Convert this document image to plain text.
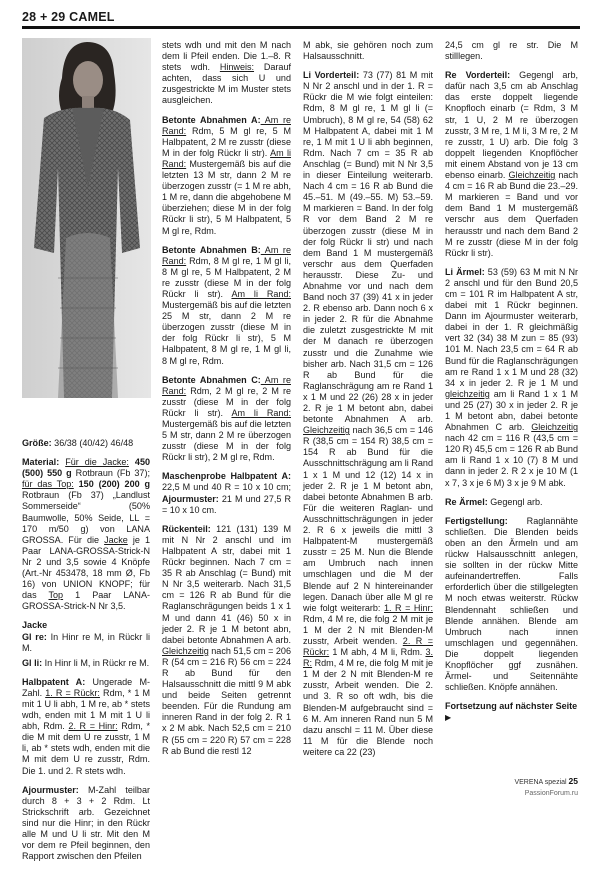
28 + 29 CAMEL

Größe: 36/38 (40/42) 46/48

Material: Für die Jacke: 450 (500) 550 g Rotbraun (Fb 37); für das Top: 150 (200) 200 g Rotbraun (Fb 37) „Landlust Sommerseide“ (50% Baumwolle, 50% Seide, LL = 170 m/50 g) von LANA GROSSA. Für die Jacke je 1 Paar LANA-GROSSA-Strick-N Nr 2 und 3,5 sowie 4 Knöpfe (Art.-Nr 453478, 18 mm Ø, Fb 16) von UNION KNOPF; für das Top 1 Paar LANA-GROSSA-Strick-N Nr 3,5.

Jacke
Gl re: In Hinr re M, in Rückr li M.

Gl li: In Hinr li M, in Rückr re M.

Halbpatent A: Ungerade M-Zahl. 1. R = Rückr: Rdm, * 1 M mit 1 U li abh, 1 M re, ab * stets wdh, enden mit 1 M mit 1 U li abh, Rdm. 2. R = Hinr: Rdm, * die M mit dem U re zusstr, 1 M li, ab * stets wdh, enden mit die M mit dem U re zusstr, Rdm. Die 1. und 2. R stets wdh.

Ajourmuster: M-Zahl teilbar durch 8 + 3 + 2 Rdm. Lt Strickschrift arb. Gezeichnet sind nur die Hinr; in den Rückr alle M und U li str. Mit den M vor dem re Pfeil beginnen, den Rapport zwischen den Pfeilen

stets wdh und mit den M nach dem li Pfeil enden. Die 1.–8. R stets wdh. Hinweis: Darauf achten, dass sich U und zusgestrickte M im Muster stets ausgleichen.

Betonte Abnahmen A: Am re Rand: Rdm, 5 M gl re, 5 M Halbpatent, 2 M re zusstr (diese M in der folg Rückr li str). Am li Rand: Mustergemäß bis auf die letzten 13 M str, dann 2 M re überzogen zusstr (= 1 M re abh, 1 M re, dann die abgehobene M überziehen; diese M in der folg Rückr li str), 5 M Halbpatent, 5 M gl re, Rdm.

Betonte Abnahmen B: Am re Rand: Rdm, 8 M gl re, 1 M gl li, 8 M gl re, 5 M Halbpatent, 2 M re zusstr (diese M in der folg Rückr li str). Am li Rand: Mustergemäß bis auf die letzten 25 M str, dann 2 M re überzogen zusstr (diese M in der folg Rückr li str), 5 M Halbpatent, 8 M gl re, 1 M gl li, 8 M gl re, Rdm.

Betonte Abnahmen C: Am re Rand: Rdm, 2 M gl re, 2 M re zusstr (diese M in der folg Rückr li str). Am li Rand: Mustergemäß bis auf die letzten 5 M str, dann 2 M re überzogen zusstr (diese M in der folg Rückr li str), 2 M gl re, Rdm.

Maschenprobe Halbpatent A: 22,5 M und 40 R = 10 x 10 cm; Ajourmuster: 21 M und 27,5 R = 10 x 10 cm.

Rückenteil: 121 (131) 139 M mit N Nr 2 anschl und im Halbpatent A str, dabei mit 1 Rückr beginnen. Nach 7 cm = 35 R ab Anschlag (= Bund) mit N Nr 3,5 weiterarb. Nach 31,5 cm = 126 R ab Bund für die Raglanschrägungen beids 1 x 1 M und dann 41 (46) 50 x in jeder 2. R je 1 M betont abn, dabei betonte Abnahmen A arb. Gleichzeitig nach 51,5 cm = 206 R (54 cm = 216 R) 56 cm = 224 R ab Bund für den Halsausschnitt die mittl 9 M abk und beide Seiten getrennt beenden. Für die Rundung am inneren Rand in der folg 2. R 1 x 2 M abk. Nach 52,5 cm = 210 R (55 cm = 220 R) 57 cm = 228 R ab Bund die restl 12

M abk, sie gehören noch zum Halsausschnitt.

Li Vorderteil: 73 (77) 81 M mit N Nr 2 anschl und in der 1. R = Rückr die M wie folgt einteilen: Rdm, 8 M gl re, 1 M gl li (= Umbruch), 8 M gl re, 54 (58) 62 M Halbpatent A, dabei mit 1 M re, 1 M mit 1 U li abh beginnen, Rdm. Nach 7 cm = 35 R ab Anschlag (= Bund) mit N Nr 3,5 in dieser Einteilung weiterarb. Nach 4 cm = 16 R ab Bund die 45.–51. M (49.–55. M) 53.–59. M markieren = Band. In der folg R vor dem Band 2 M re überzogen zusstr (diese M in der folg Rückr li str) und nach dem Band 1 M mustergemäß verschr aus dem Querfaden herausstr. Diese Zu- und Abnahme vor und nach dem Band noch 37 (39) 41 x in jeder 2. R ebenso arb. Dann noch 6 x in jeder 2. R für die Abnahme die zuletzt zusgestrickte M mit der M danach re überzogen zusstr und die Zunahme wie bisher arb. Nach 31,5 cm = 126 R ab Bund für die Raglanschrägung am re Rand 1 x 1 M und 22 (26) 28 x in jeder 2. R je 1 M betont abn, dabei betonte Abnahmen A arb. Gleichzeitig nach 36,5 cm = 146 R (38,5 cm = 154 R) 38,5 cm = 154 R ab Bund für die Ausschnittschrägung am li Rand 1 x 1 M und 12 (12) 14 x in jeder 2. R je 1 M betont abn, dabei betonte Abnahmen B arb. Für die weiteren Raglan- und Ausschnittschrägungen in jeder 2. R 6 x jeweils die mittl 3 Halbpatent-M mustergemäß zusstr = 25 M. Nun die Blende am Umbruch nach innen umschlagen und die M der Blende auf 2 N hintereinander legen. Danach über alle M gl re wie folgt weiterarb: 1. R = Hinr: Rdm, 4 M re, die folg 2 M mit je 1 M der 2 N mit Blenden-M zusstr, Arbeit wenden. 2. R = Rückr: 1 M abh, 4 M li, Rdm. 3. R: Rdm, 4 M re, die folg M mit je 1 M der 2 N mit Blenden-M re zusstr, Arbeit wenden. Die 2. und 3. R so oft wdh, bis die Blenden-M aufgebraucht sind = 6 M. Am inneren Rand nun 5 M dazu anschl = 11 M. Über diese 11 M für die Blende noch weitere ca 22 (23)

24,5 cm gl re str. Die M stilllegen.

Re Vorderteil: Gegengl arb, dafür nach 3,5 cm ab Anschlag das erste doppelt liegende Knopfloch einarb (= Rdm, 3 M str, 1 U, 2 M re überzogen zusstr, 3 M re, 1 M li, 3 M re, 2 M re zusstr, 1 U) arb. Die folg 3 doppelt liegenden Knopflöcher mit einem Abstand von je 13 cm ebenso einarb. Gleichzeitig nach 4 cm = 16 R ab Bund die 23.–29. M markieren = Band und vor dem Band 1 M mustergemäß verschr aus dem Querfaden herausstr und nach dem Band 2 M re zusstr (diese M in der folg Rückr li str).

Li Ärmel: 53 (59) 63 M mit N Nr 2 anschl und für den Bund 20,5 cm = 101 R im Halbpatent A str, dabei mit 1 Rückr beginnen. Dann im Ajourmuster weiterarb, dabei in der 1. R gleichmäßig vert 32 (34) 38 M zun = 85 (93) 101 M. Nach 23,5 cm = 64 R ab Bund für die Raglanschrägungen am re Rand 1 x 1 M und 28 (32) 34 x in jeder 2. R je 1 M und gleichzeitig am li Rand 1 x 1 M und 25 (27) 30 x in jeder 2. R je 1 M betont abn, dabei betonte Abnahmen C arb. Gleichzeitig nach 42 cm = 116 R (43,5 cm = 120 R) 45,5 cm = 126 R ab Bund am li Rand 1 x 10 (7) 8 M und dann in jeder 2. R 2 x je 10 M (1 x 7, 3 x je 6 M) 3 x je 9 M abk.

Re Ärmel: Gegengl arb.

Fertigstellung: Raglannähte schließen. Die Blenden beids oben an den Ärmeln und am rückw Halsausschnitt anlegen, sie sollten in der rückw Mitte aufeinandertreffen. Falls erforderlich über die stillgelegten M noch etwas weiterstr. Rückw Blendennaht schließen und Blende annähen. Blende am Umbruch nach innen umschlagen und gegennähen. Die doppelt liegenden Knopflöcher ggf zusnähen. Ärmel- und Seitennähte schließen. Knöpfe annähen.

Fortsetzung auf nächster Seite ▶

VERENA spezial 25
PassionForum.ru
